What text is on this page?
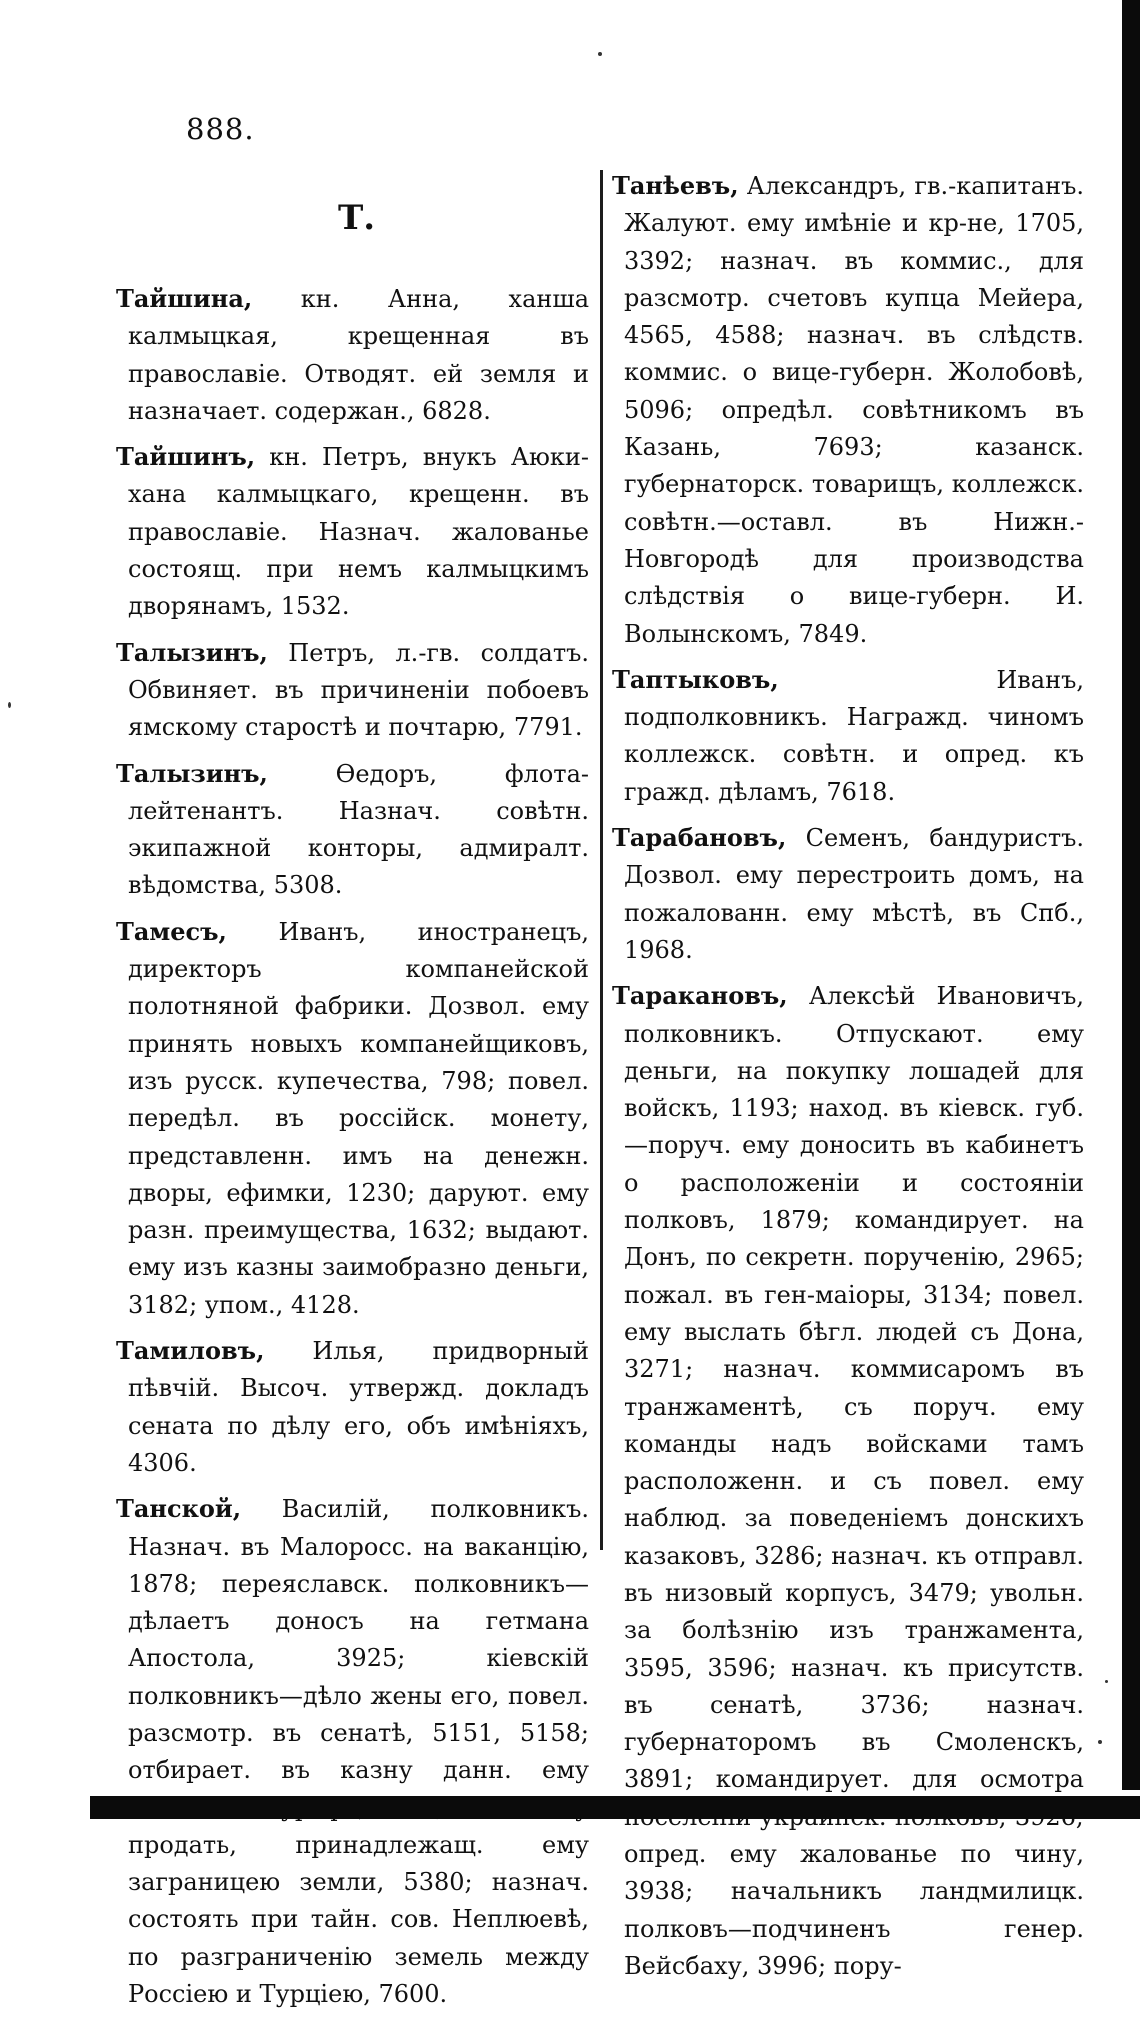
888.
Т.

Тайшина, кн. Анна, ханша калмыцкая, крещенная въ православіе. Отводят. ей земля и назначает. содержан., 6828.

Тайшинъ, кн. Петръ, внукъ Аюки-хана калмыцкаго, крещенн. въ православіе. Назнач. жалованье состоящ. при немъ калмыцкимъ дворянамъ, 1532.

Талызинъ, Петръ, л.-гв. солдатъ. Обвиняет. въ причиненіи побоевъ ямскому старостѣ и почтарю, 7791.

Талызинъ, Ѳедоръ, флота-лейтенантъ. Назнач. совѣтн. экипажной конторы, адмиралт. вѣдомства, 5308.

Тамесъ, Иванъ, иностранецъ, директоръ компанейской полотняной фабрики. Дозвол. ему принять новыхъ компанейщиковъ, изъ русск. купечества, 798; повел. передѣл. въ россійск. монету, представленн. имъ на денежн. дворы, ефимки, 1230; дарyют. ему разн. преимущества, 1632; выдают. ему изъ казны заимобразно деньги, 3182; упом., 4128.

Тамиловъ, Илья, придворный пѣвчій. Высоч. утвержд. докладъ сената по дѣлу его, объ имѣніяхъ, 4306.

Танской, Василій, полковникъ. Назнач. въ Малоросс. на ваканцію, 1878; переяславск. полковникъ—дѣлаетъ доносъ на гетмана Апостола, 3925; кіевскій полковникъ—дѣло жены его, повел. разсмотр. въ сенатѣ, 5151, 5158; отбирает. въ казну данн. ему продать, принадлежащ. ему заграницею земли, 5380; назнач. состоять при тайн. сов. Неплюевѣ, по разграниченію земель между Россіею и Турціею, 7600.

Танѣевъ, Александръ, гв.-капитанъ. Жалуют. ему имѣніе и кр-не, 1705, 3392; назнач. въ коммис., для разсмотр. счетовъ купца Мейера, 4565, 4588; назнач. въ слѣдств. коммис. о вице-губерн. Жолобовѣ, 5096; опредѣл. совѣтникомъ въ Казань, 7693; казанск. губернаторск. товарищъ, коллежск. совѣтн.—оставл. въ Нижн.-Новгородѣ для производства слѣдствія о вице-губерн. И. Волынскомъ, 7849.

Таптыковъ, Иванъ, подполковникъ. Награжд. чиномъ коллежск. совѣтн. и опред. къ гражд. дѣламъ, 7618.

Тарабановъ, Семенъ, бандуристъ. Дозвол. ему перестроить домъ, на пожалованн. ему мѣстѣ, въ Спб., 1968.

Таракановъ, Алексѣй Ивановичъ, полковникъ. Отпускают. ему деньги, на покупку лошадей для войскъ, 1193; наход. въ кіевск. губ.—поруч. ему доносить въ кабинетъ о расположеніи и состояніи полковъ, 1879; командирует. на Донъ, по секретн. порученію, 2965; пожал. въ ген-маіоры, 3134; повел. ему выслать бѣгл. людей съ Дона, 3271; назнач. коммисаромъ въ транжаментѣ, съ поруч. ему команды надъ войсками тамъ расположенн. и съ повел. ему наблюд. за поведеніемъ донскихъ казаковъ, 3286; назнач. къ отправл. въ низовый корпусъ, 3479; увольн. за болѣзнію изъ транжамента, 3595, 3596; назнач. къ присутств. въ сенатѣ, 3736; назнач. губернаторомъ въ Смоленскъ, 3891; командирует. для осмотра опред. ему жалованье по чину, 3938; начальникъ ландмилицк. полковъ—подчиненъ генер. Вейсбаху, 3996; пору-
